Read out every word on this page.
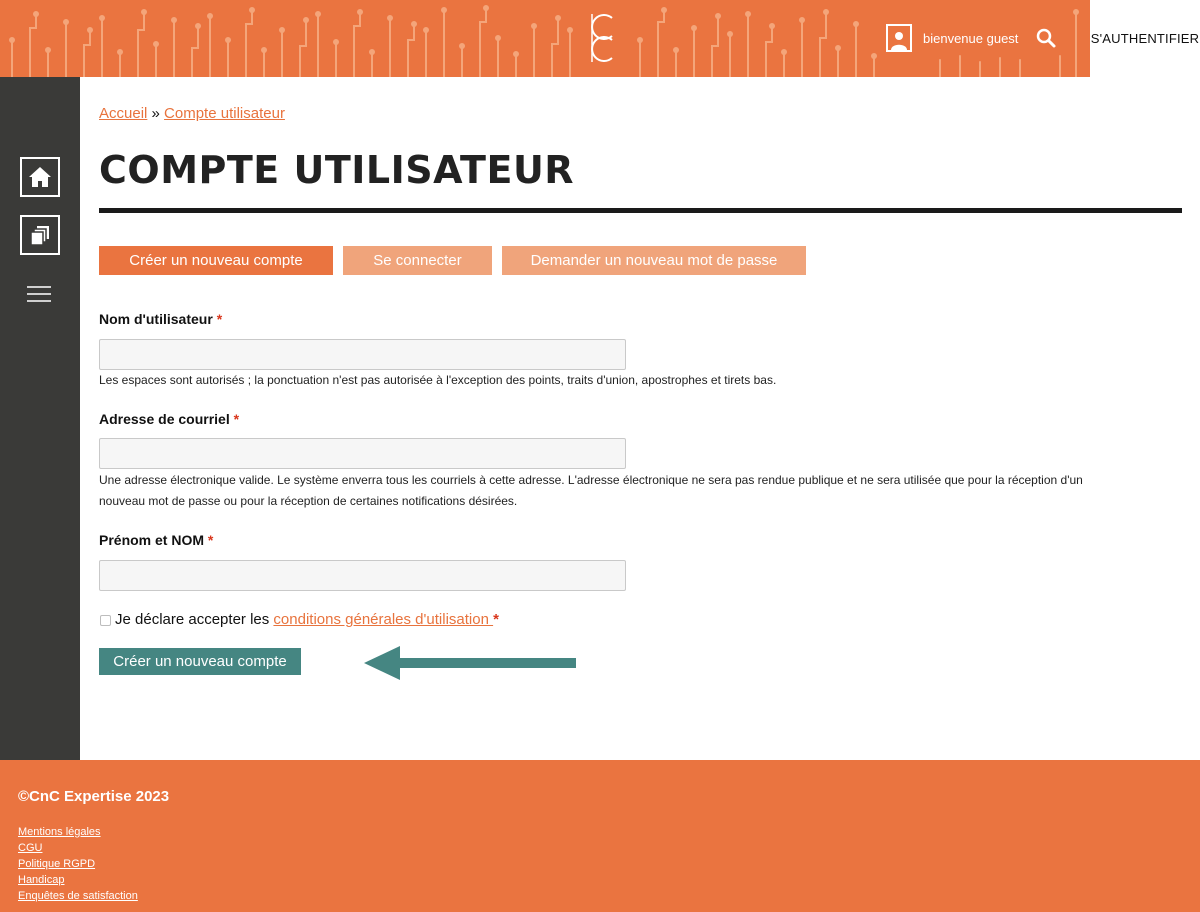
bienvenue guest	S'AUTHENTIFIER
Accueil » Compte utilisateur
COMPTE UTILISATEUR
Créer un nouveau compte	Se connecter	Demander un nouveau mot de passe
Nom d'utilisateur *
Les espaces sont autorisés ; la ponctuation n'est pas autorisée à l'exception des points, traits d'union, apostrophes et tirets bas.
Adresse de courriel *
Une adresse électronique valide. Le système enverra tous les courriels à cette adresse. L'adresse électronique ne sera pas rendue publique et ne sera utilisée que pour la réception d'un
nouveau mot de passe ou pour la réception de certaines notifications désirées.
Prénom et NOM *
Je déclare accepter les conditions générales d'utilisation *
Créer un nouveau compte
©CnC Expertise 2023
Mentions légales
CGU
Politique RGPD
Handicap
Enquêtes de satisfaction
